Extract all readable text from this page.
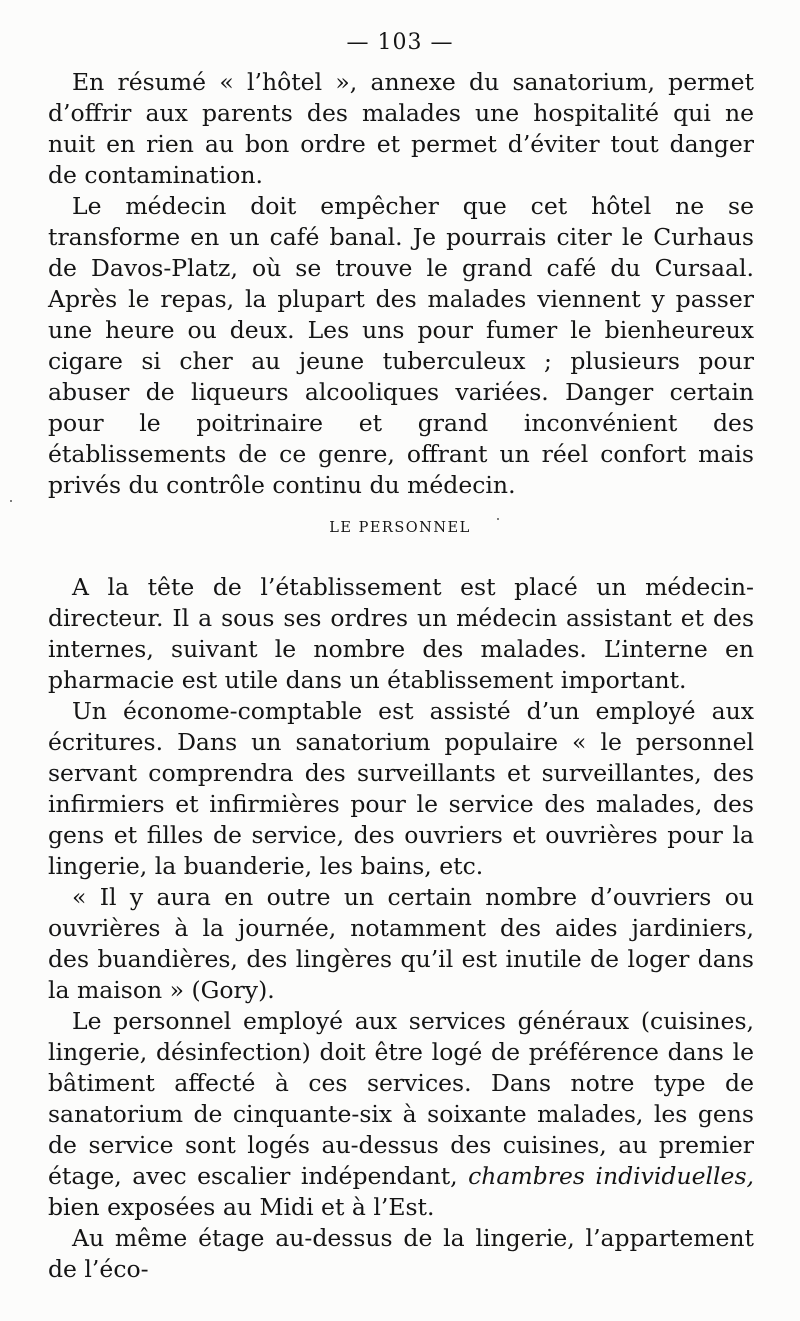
— 103 —

En résumé « l’hôtel », annexe du sanatorium, permet d’offrir aux parents des malades une hospitalité qui ne nuit en rien au bon ordre et permet d’éviter tout danger de contamination.

Le médecin doit empêcher que cet hôtel ne se transforme en un café banal. Je pourrais citer le Curhaus de Davos-Platz, où se trouve le grand café du Cursaal. Après le repas, la plupart des malades viennent y passer une heure ou deux. Les uns pour fumer le bienheureux cigare si cher au jeune tuberculeux ; plusieurs pour abuser de liqueurs alcooliques variées. Danger certain pour le poitrinaire et grand inconvénient des établissements de ce genre, offrant un réel confort mais privés du contrôle continu du médecin.

LE PERSONNEL

A la tête de l’établissement est placé un médecin-directeur. Il a sous ses ordres un médecin assistant et des internes, suivant le nombre des malades. L’interne en pharmacie est utile dans un établissement important.

Un économe-comptable est assisté d’un employé aux écritures. Dans un sanatorium populaire « le personnel servant comprendra des surveillants et surveillantes, des infirmiers et infirmières pour le service des malades, des gens et filles de service, des ouvriers et ouvrières pour la lingerie, la buanderie, les bains, etc.

« Il y aura en outre un certain nombre d’ouvriers ou ouvrières à la journée, notamment des aides jardiniers, des buandières, des lingères qu’il est inutile de loger dans la maison » (Gory).

Le personnel employé aux services généraux (cuisines, lingerie, désinfection) doit être logé de préférence dans le bâtiment affecté à ces services. Dans notre type de sanatorium de cinquante-six à soixante malades, les gens de service sont logés au-dessus des cuisines, au premier étage, avec escalier indépendant, chambres individuelles, bien exposées au Midi et à l’Est.

Au même étage au-dessus de la lingerie, l’appartement de l’éco-
